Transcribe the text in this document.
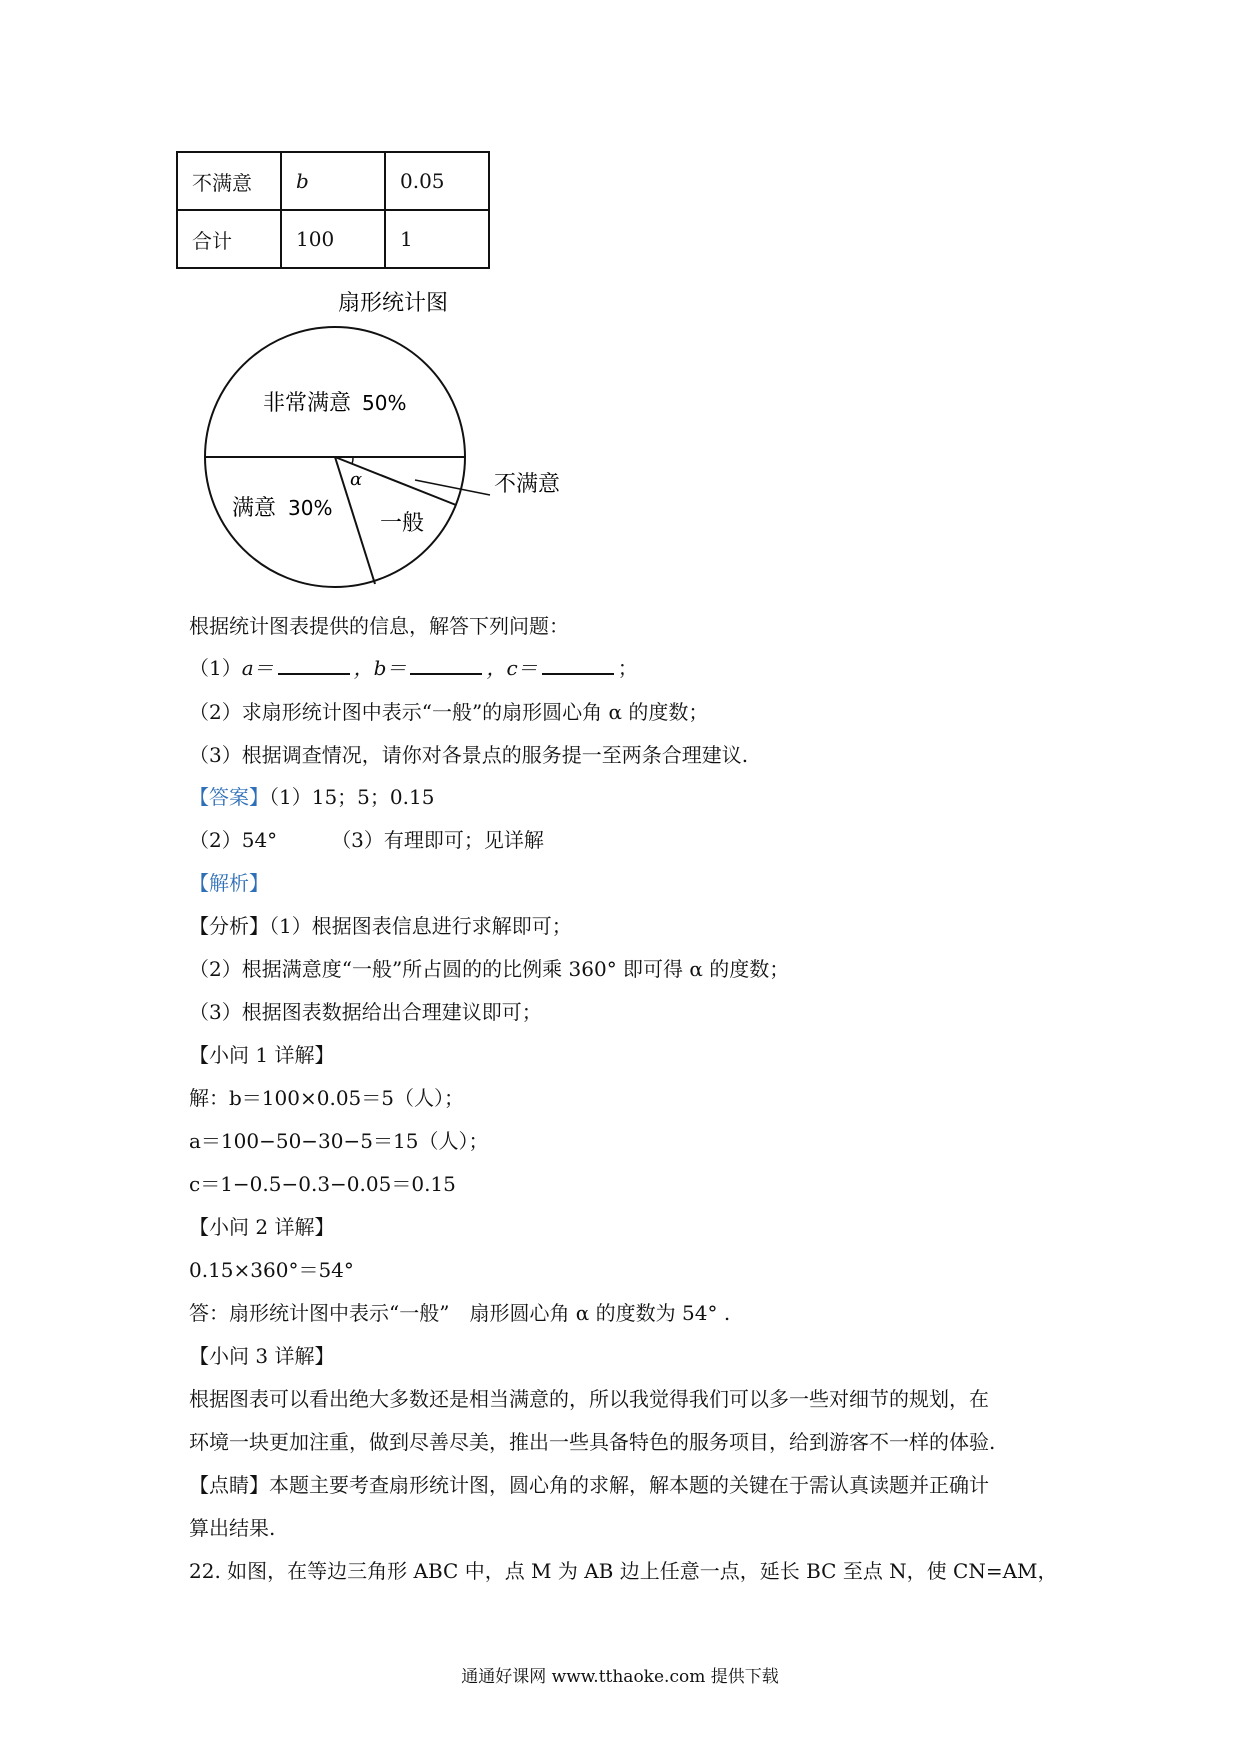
不满意	b	0.05
合计	100	1
扇形统计图
非常满意 50%
满意 30%
一般
不满意
α
根据统计图表提供的信息，解答下列问题：
（1）a＝	，b＝	，c＝	；
（2）求扇形统计图中表示“一般”的扇形圆心角 α 的度数；
（3）根据调查情况，请你对各景点的服务提一至两条合理建议.
【答案】（1）15；5；0.15
（2）54°	（3）有理即可；见详解
【解析】
【分析】（1）根据图表信息进行求解即可；
（2）根据满意度“一般”所占圆的的比例乘 360° 即可得 α 的度数；
（3）根据图表数据给出合理建议即可；
【小问 1 详解】
解：b＝100×0.05＝5（人）；
a＝100−50−30−5＝15（人）；
c＝1−0.5−0.3−0.05＝0.15
【小问 2 详解】
0.15×360°＝54°
答：扇形统计图中表示“一般”　扇形圆心角 α 的度数为 54° .
【小问 3 详解】
根据图表可以看出绝大多数还是相当满意的，所以我觉得我们可以多一些对细节的规划，在
环境一块更加注重，做到尽善尽美，推出一些具备特色的服务项目，给到游客不一样的体验.
【点睛】本题主要考查扇形统计图，圆心角的求解，解本题的关键在于需认真读题并正确计
算出结果.
22. 如图，在等边三角形 ABC 中，点 M 为 AB 边上任意一点，延长 BC 至点 N，使 CN=AM，
通通好课网 www.tthaoke.com 提供下载
